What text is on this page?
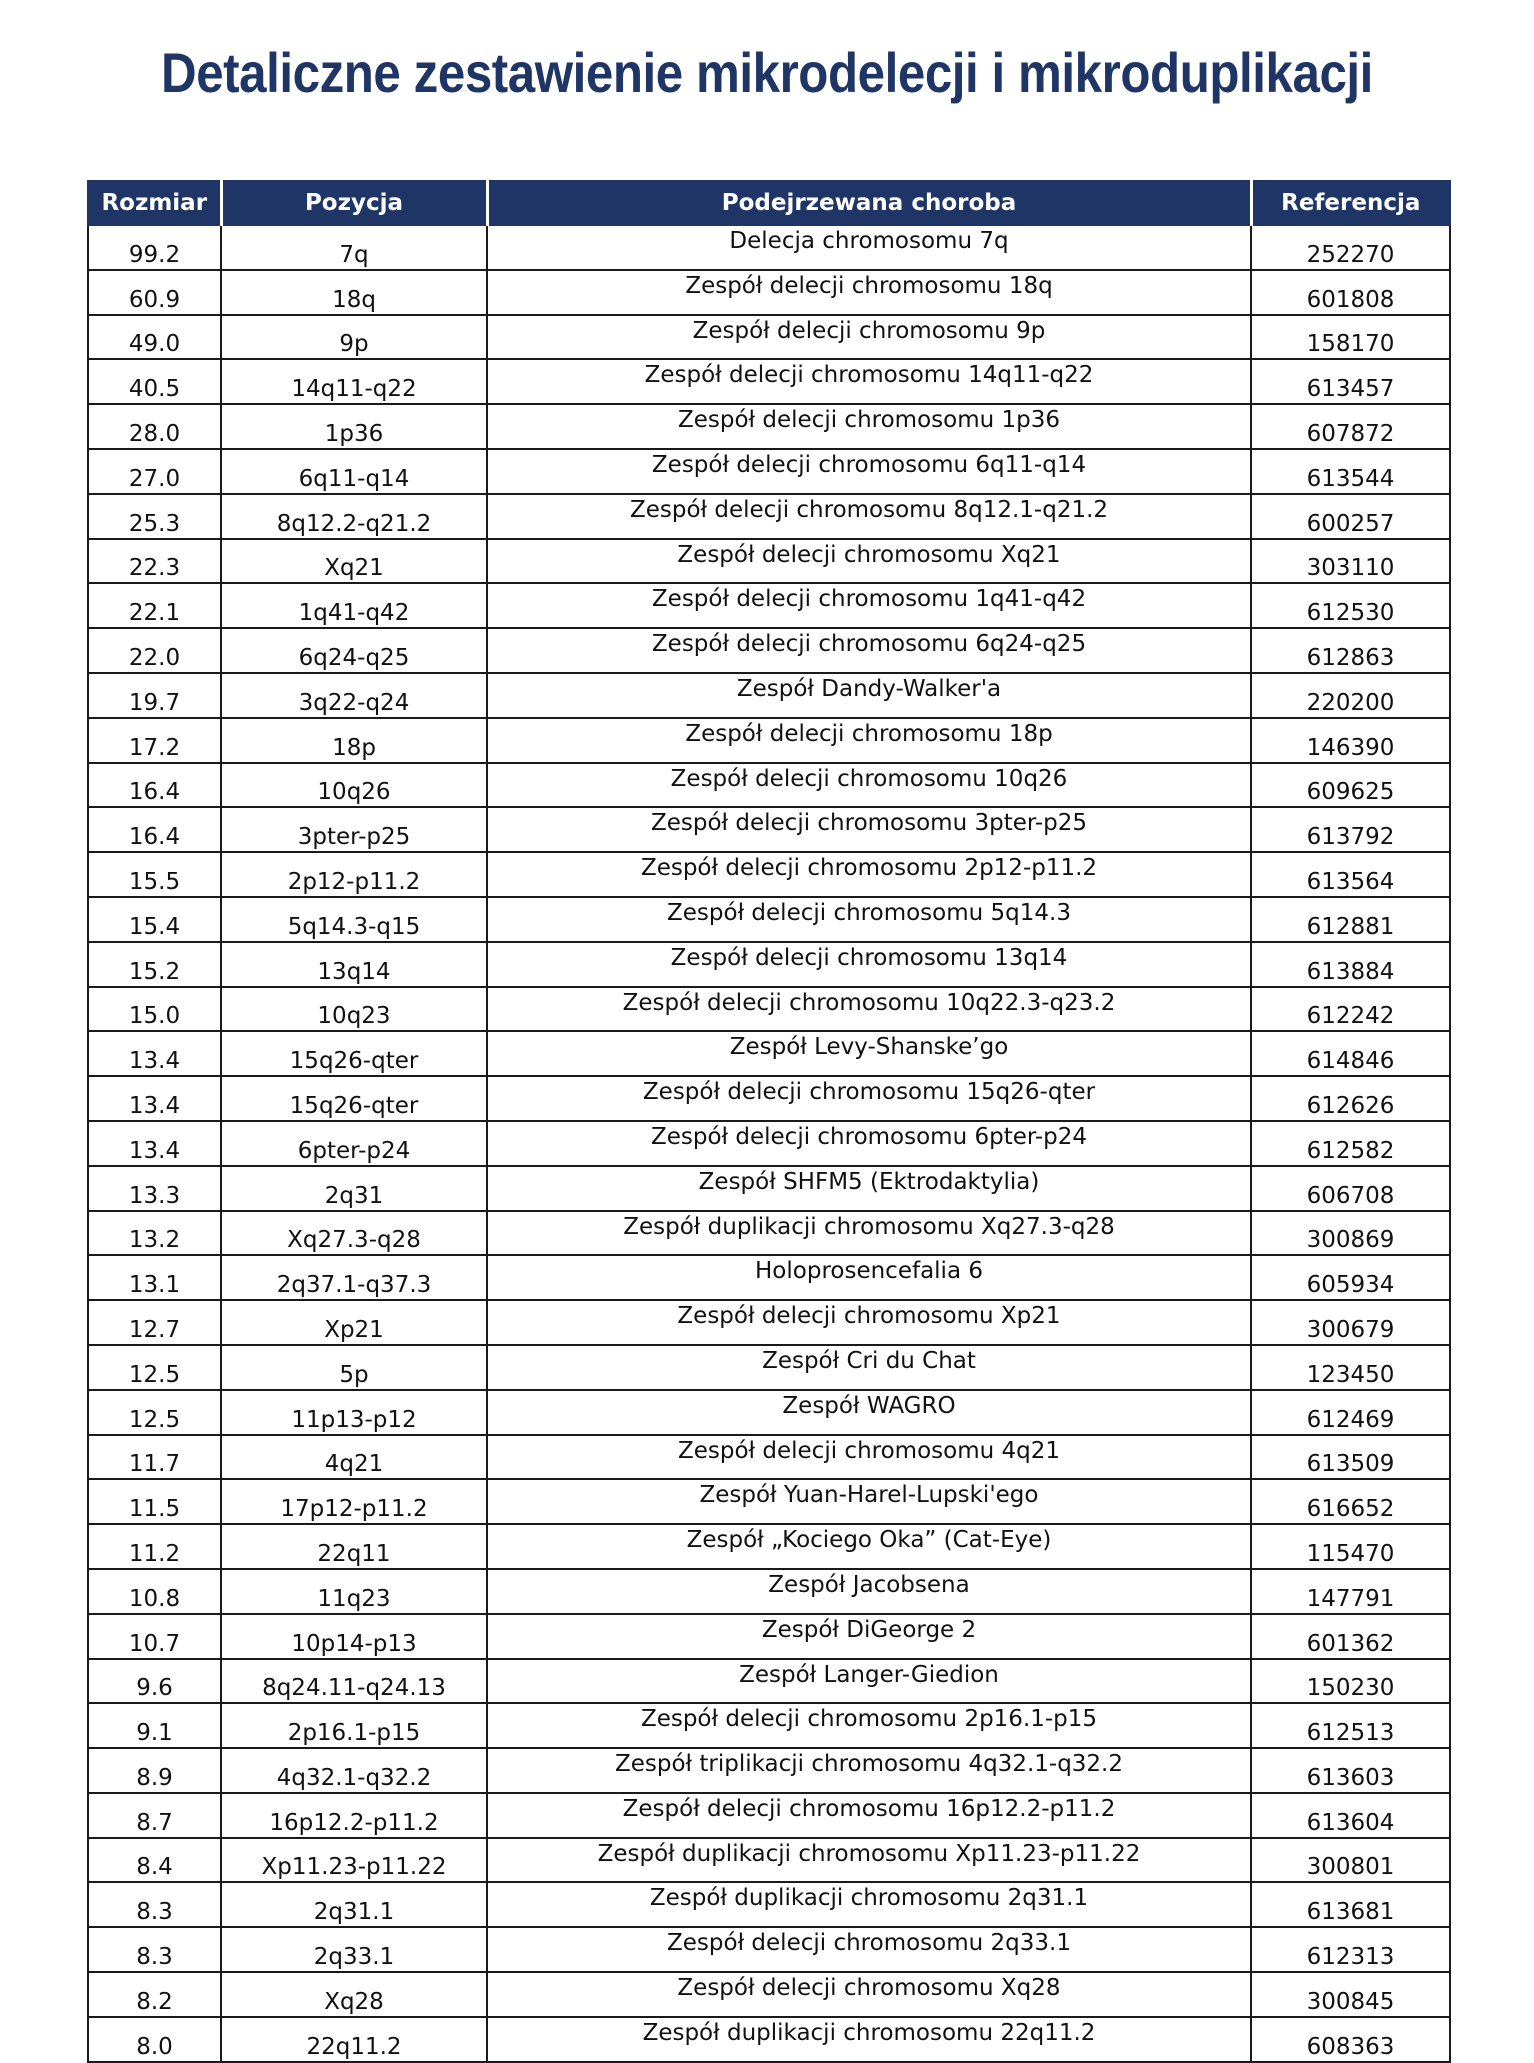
Detaliczne zestawienie mikrodelecji i mikroduplikacji
Rozmiar	Pozycja	Podejrzewana choroba	Referencja
99.2	7q	Delecja chromosomu 7q	252270
60.9	18q	Zespół delecji chromosomu 18q	601808
49.0	9p	Zespół delecji chromosomu 9p	158170
40.5	14q11-q22	Zespół delecji chromosomu 14q11-q22	613457
28.0	1p36	Zespół delecji chromosomu 1p36	607872
27.0	6q11-q14	Zespół delecji chromosomu 6q11-q14	613544
25.3	8q12.2-q21.2	Zespół delecji chromosomu 8q12.1-q21.2	600257
22.3	Xq21	Zespół delecji chromosomu Xq21	303110
22.1	1q41-q42	Zespół delecji chromosomu 1q41-q42	612530
22.0	6q24-q25	Zespół delecji chromosomu 6q24-q25	612863
19.7	3q22-q24	Zespół Dandy-Walker'a	220200
17.2	18p	Zespół delecji chromosomu 18p	146390
16.4	10q26	Zespół delecji chromosomu 10q26	609625
16.4	3pter-p25	Zespół delecji chromosomu 3pter-p25	613792
15.5	2p12-p11.2	Zespół delecji chromosomu 2p12-p11.2	613564
15.4	5q14.3-q15	Zespół delecji chromosomu 5q14.3	612881
15.2	13q14	Zespół delecji chromosomu 13q14	613884
15.0	10q23	Zespół delecji chromosomu 10q22.3-q23.2	612242
13.4	15q26-qter	Zespół Levy-Shanske’go	614846
13.4	15q26-qter	Zespół delecji chromosomu 15q26-qter	612626
13.4	6pter-p24	Zespół delecji chromosomu 6pter-p24	612582
13.3	2q31	Zespół SHFM5 (Ektrodaktylia)	606708
13.2	Xq27.3-q28	Zespół duplikacji chromosomu Xq27.3-q28	300869
13.1	2q37.1-q37.3	Holoprosencefalia 6	605934
12.7	Xp21	Zespół delecji chromosomu Xp21	300679
12.5	5p	Zespół Cri du Chat	123450
12.5	11p13-p12	Zespół WAGRO	612469
11.7	4q21	Zespół delecji chromosomu 4q21	613509
11.5	17p12-p11.2	Zespół Yuan-Harel-Lupski'ego	616652
11.2	22q11	Zespół „Kociego Oka” (Cat-Eye)	115470
10.8	11q23	Zespół Jacobsena	147791
10.7	10p14-p13	Zespół DiGeorge 2	601362
9.6	8q24.11-q24.13	Zespół Langer-Giedion	150230
9.1	2p16.1-p15	Zespół delecji chromosomu 2p16.1-p15	612513
8.9	4q32.1-q32.2	Zespół triplikacji chromosomu 4q32.1-q32.2	613603
8.7	16p12.2-p11.2	Zespół delecji chromosomu 16p12.2-p11.2	613604
8.4	Xp11.23-p11.22	Zespół duplikacji chromosomu Xp11.23-p11.22	300801
8.3	2q31.1	Zespół duplikacji chromosomu 2q31.1	613681
8.3	2q33.1	Zespół delecji chromosomu 2q33.1	612313
8.2	Xq28	Zespół delecji chromosomu Xq28	300845
8.0	22q11.2	Zespół duplikacji chromosomu 22q11.2	608363
